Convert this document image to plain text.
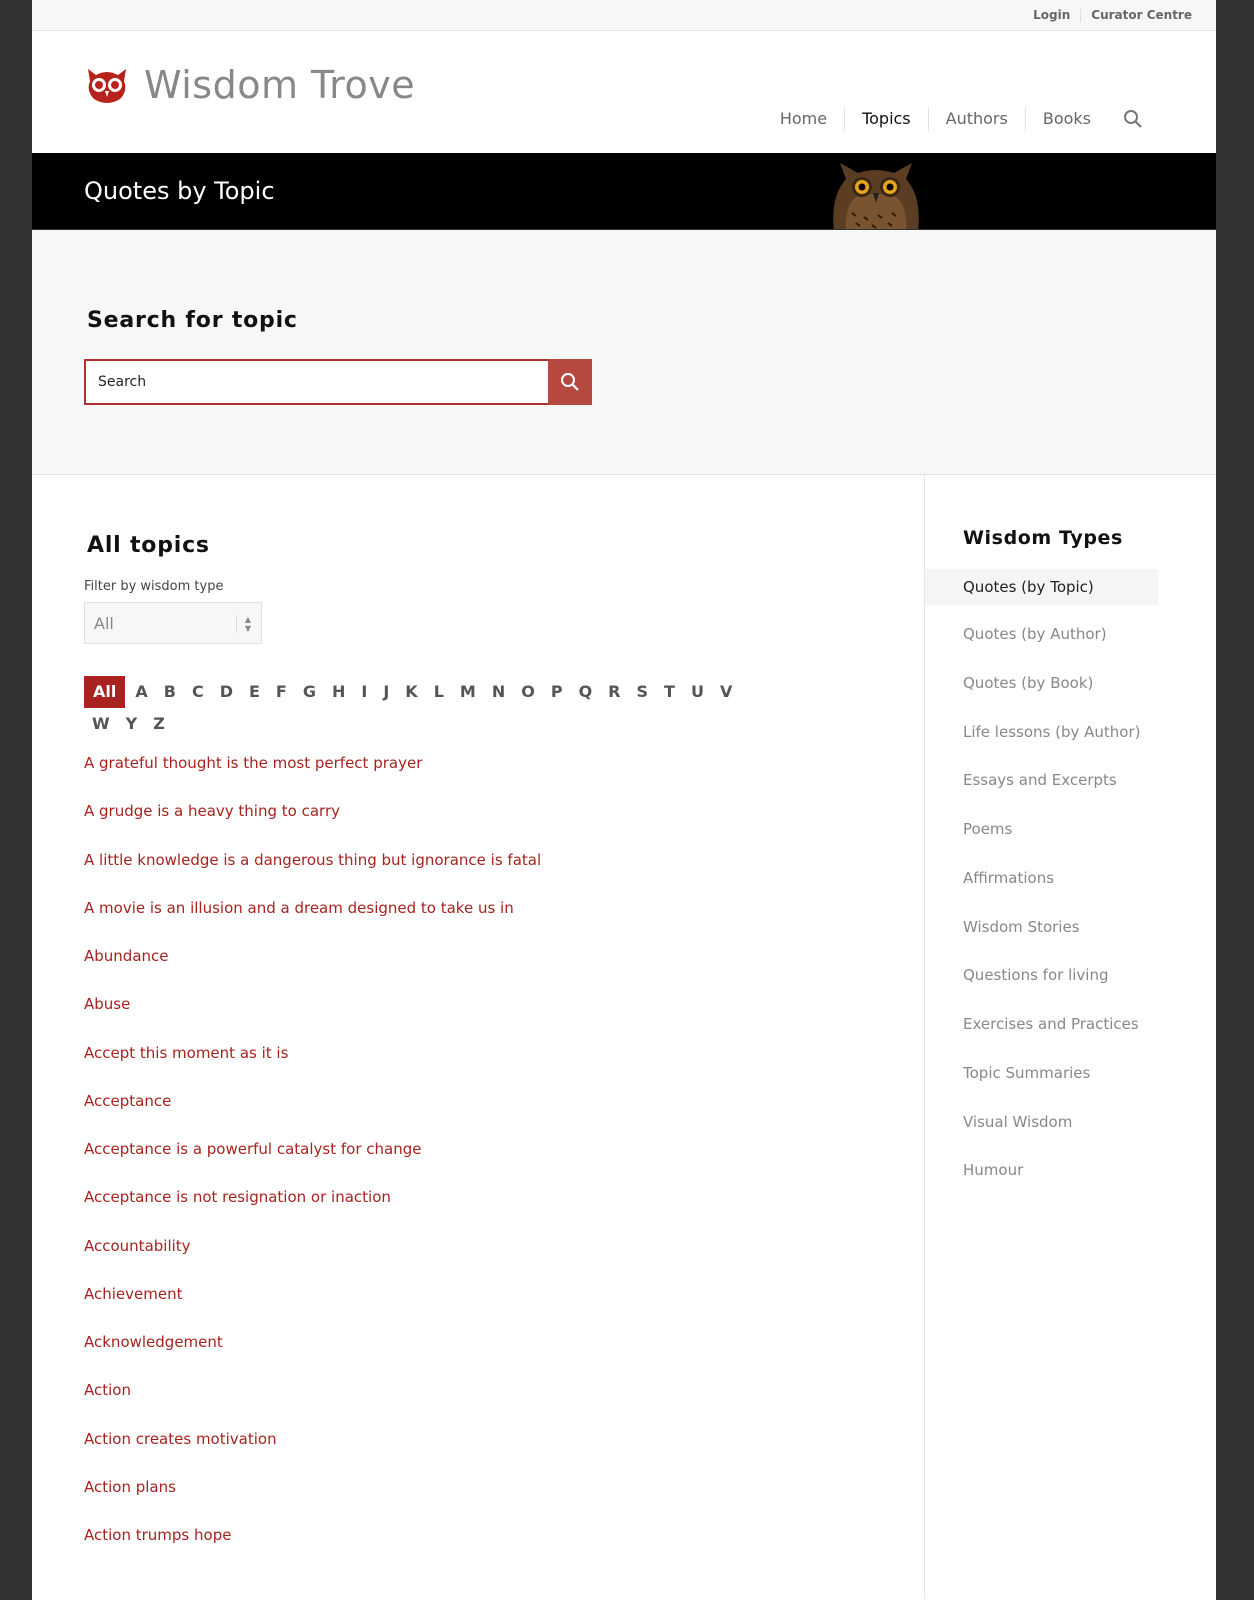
Login	Curator Centre
Wisdom Trove
Home	Topics	Authors	Books
Quotes by Topic
Search for topic
Search
All topics
Filter by wisdom type
All	▲
▼
All	A	B	C	D	E	F	G	H	I	J	K	L	M	N	O	P	Q	R	S	T	U	V
W	Y	Z
A grateful thought is the most perfect prayer
A grudge is a heavy thing to carry
A little knowledge is a dangerous thing but ignorance is fatal
A movie is an illusion and a dream designed to take us in
Abundance
Abuse
Accept this moment as it is
Acceptance
Acceptance is a powerful catalyst for change
Acceptance is not resignation or inaction
Accountability
Achievement
Acknowledgement
Action
Action creates motivation
Action plans
Action trumps hope
Wisdom Types
Quotes (by Topic)
Quotes (by Author)
Quotes (by Book)
Life lessons (by Author)
Essays and Excerpts
Poems
Affirmations
Wisdom Stories
Questions for living
Exercises and Practices
Topic Summaries
Visual Wisdom
Humour
